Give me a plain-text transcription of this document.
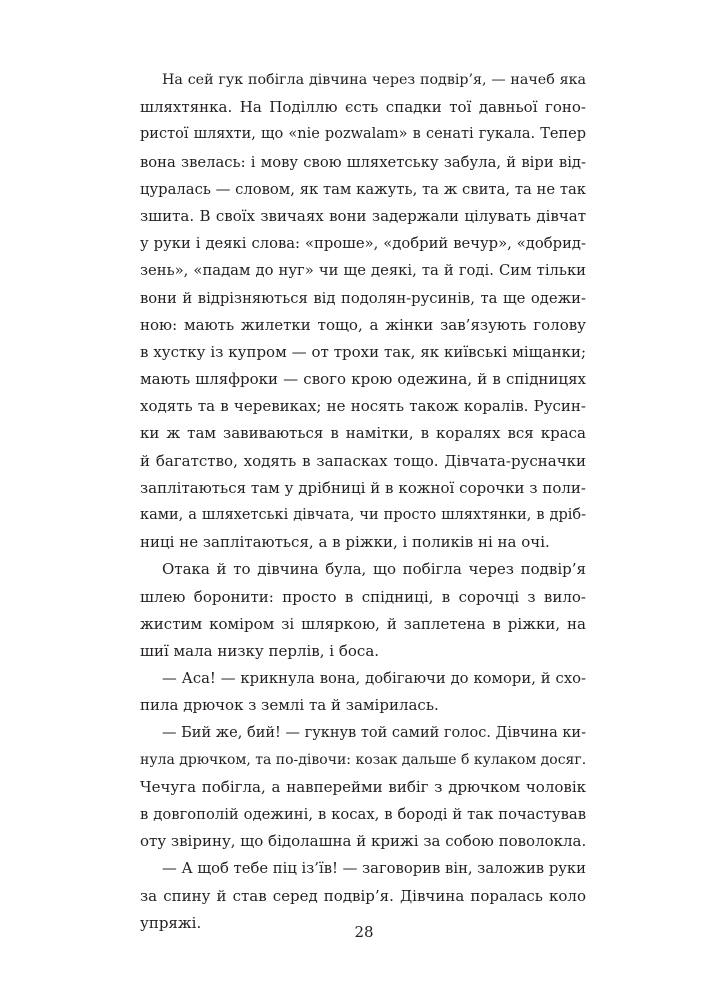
На сей гук побігла дівчина через подвір’я, — начеб яка
шляхтянка. На Поділлю єсть спадки тої давньої гоно-
ристої шляхти, що «nie pozwalam» в сенаті гукала. Тепер
вона звелась: і мову свою шляхетську забула, й віри від-
цуралась — словом, як там кажуть, та ж свита, та не так
зшита. В своїх звичаях вони задержали цілувать дівчат
у руки і деякі слова: «проше», «добрий вечур», «добрид-
зень», «падам до нуг» чи ще деякі, та й годі. Сим тільки
вони й відрізняються від подолян-русинів, та ще одежи-
ною: мають жилетки тощо, а жінки зав’язують голову
в хустку із купром — от трохи так, як київські міщанки;
мають шляфроки — свого крою одежина, й в спідницях
ходять та в черевиках; не носять також коралів. Русин-
ки ж там завиваються в намітки, в коралях вся краса
й багатство, ходять в запасках тощо. Дівчата-русначки
заплітаються там у дрібниці й в кожної сорочки з поли-
ками, а шляхетські дівчата, чи просто шляхтянки, в дріб-
ниці не заплітаються, а в ріжки, і поликів ні на очі.
Отака й то дівчина була, що побігла через подвір’я
шлею боронити: просто в спідниці, в сорочці з вило-
жистим коміром зі шляркою, й заплетена в ріжки, на
шиї мала низку перлів, і боса.
— Аса! — крикнула вона, добігаючи до комори, й схо-
пила дрючок з землі та й замірилась.
— Бий же, бий! — гукнув той самий голос. Дівчина ки-
нула дрючком, та по-дівочи: козак дальше б кулаком досяг.
Чечуга побігла, а навперейми вибіг з дрючком чоловік
в довгополій одежині, в косах, в бороді й так почастував
оту звірину, що бідолашна й крижі за собою поволокла.
— А щоб тебе піц із’їв! — заговорив він, заложив руки
за спину й став серед подвір’я. Дівчина поралась коло
упряжі.
28
